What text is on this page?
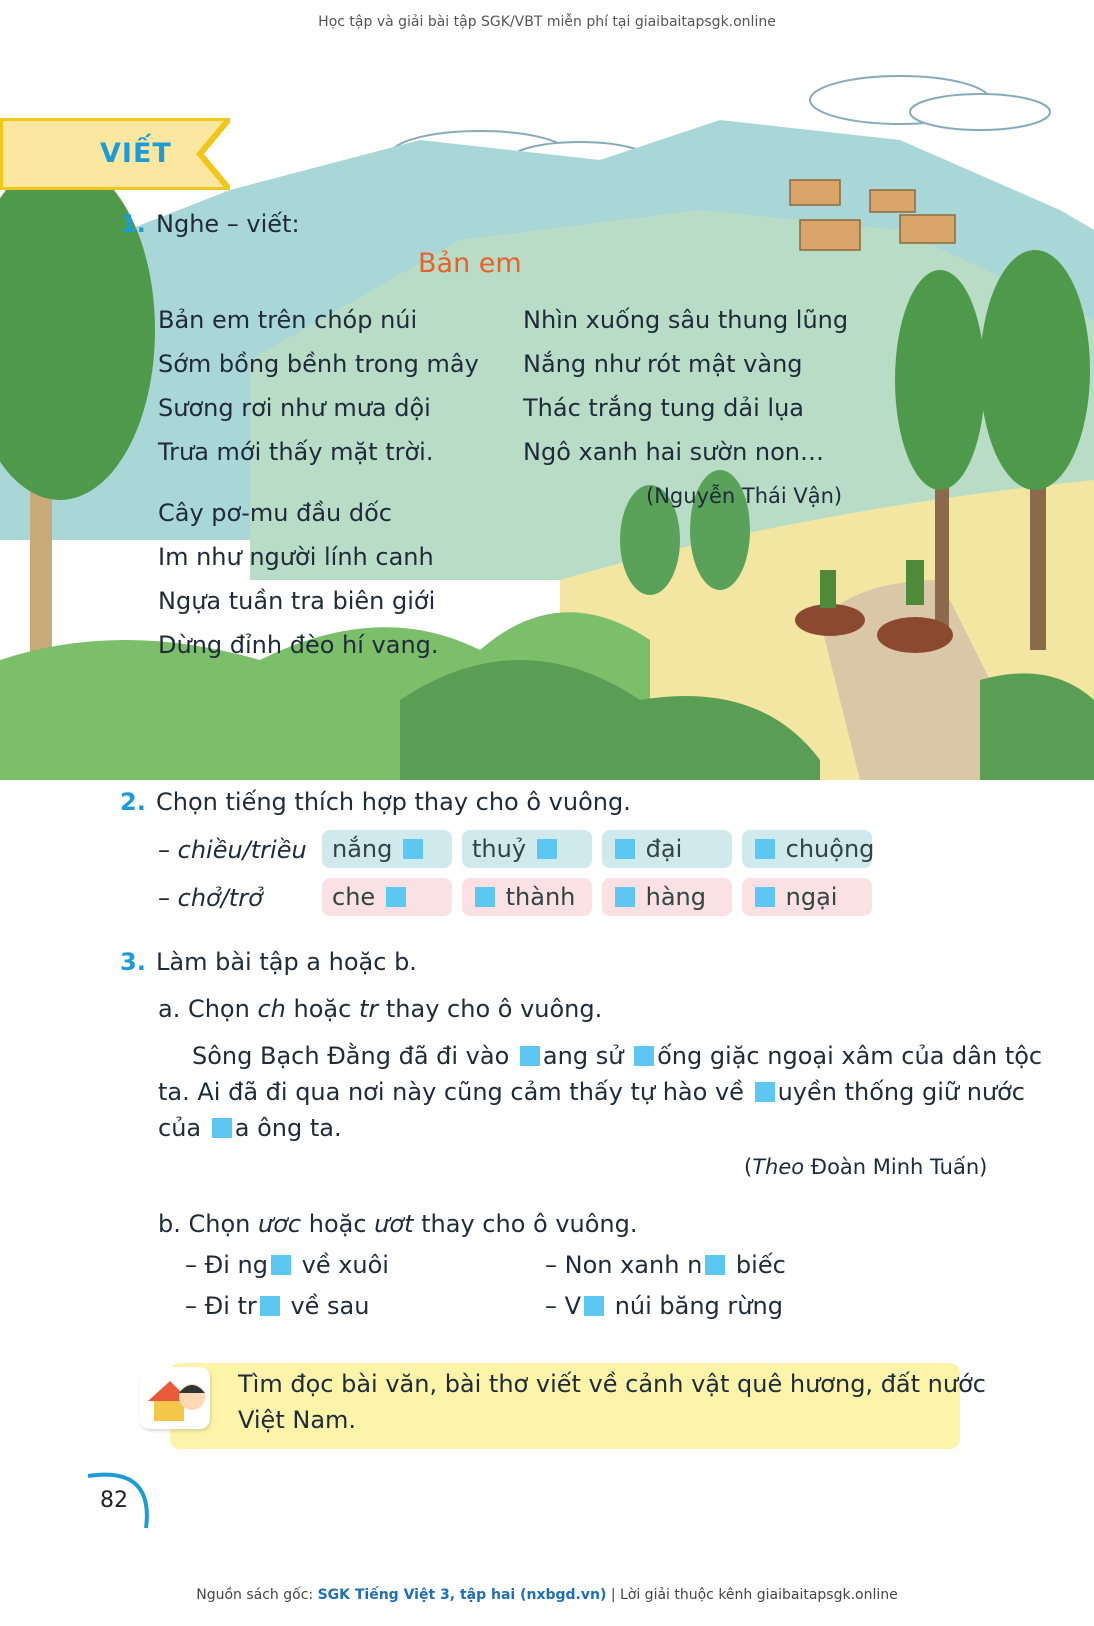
Học tập và giải bài tập SGK/VBT miễn phí tại giaibaitapsgk.online
VIẾT
1. Nghe – viết:
Bản em
Bản em trên chóp núi
Sớm bồng bềnh trong mây
Sương rơi như mưa dội
Trưa mới thấy mặt trời.
Cây pơ-mu đầu dốc
Im như người lính canh
Ngựa tuần tra biên giới
Dừng đỉnh đèo hí vang.
Nhìn xuống sâu thung lũng
Nắng như rót mật vàng
Thác trắng tung dải lụa
Ngô xanh hai sườn non…
(Nguyễn Thái Vận)
2. Chọn tiếng thích hợp thay cho ô vuông.
– chiều/triều	nắng	thuỷ	đại	chuộng
– chở/trở	che	thành	hàng	ngại
3. Làm bài tập a hoặc b.
a. Chọn ch hoặc tr thay cho ô vuông.
Sông Bạch Đằng đã đi vào ang sử ống giặc ngoại xâm của dân tộc
ta. Ai đã đi qua nơi này cũng cảm thấy tự hào về uyền thống giữ nước
của a ông ta.
(Theo Đoàn Minh Tuấn)
b. Chọn ươc hoặc ươt thay cho ô vuông.
– Đi ng về xuôi
– Đi tr về sau
– Non xanh n biếc
– V núi băng rừng
Tìm đọc bài văn, bài thơ viết về cảnh vật quê hương, đất nước
Việt Nam.
82
Nguồn sách gốc: SGK Tiếng Việt 3, tập hai (nxbgd.vn) | Lời giải thuộc kênh giaibaitapsgk.online
